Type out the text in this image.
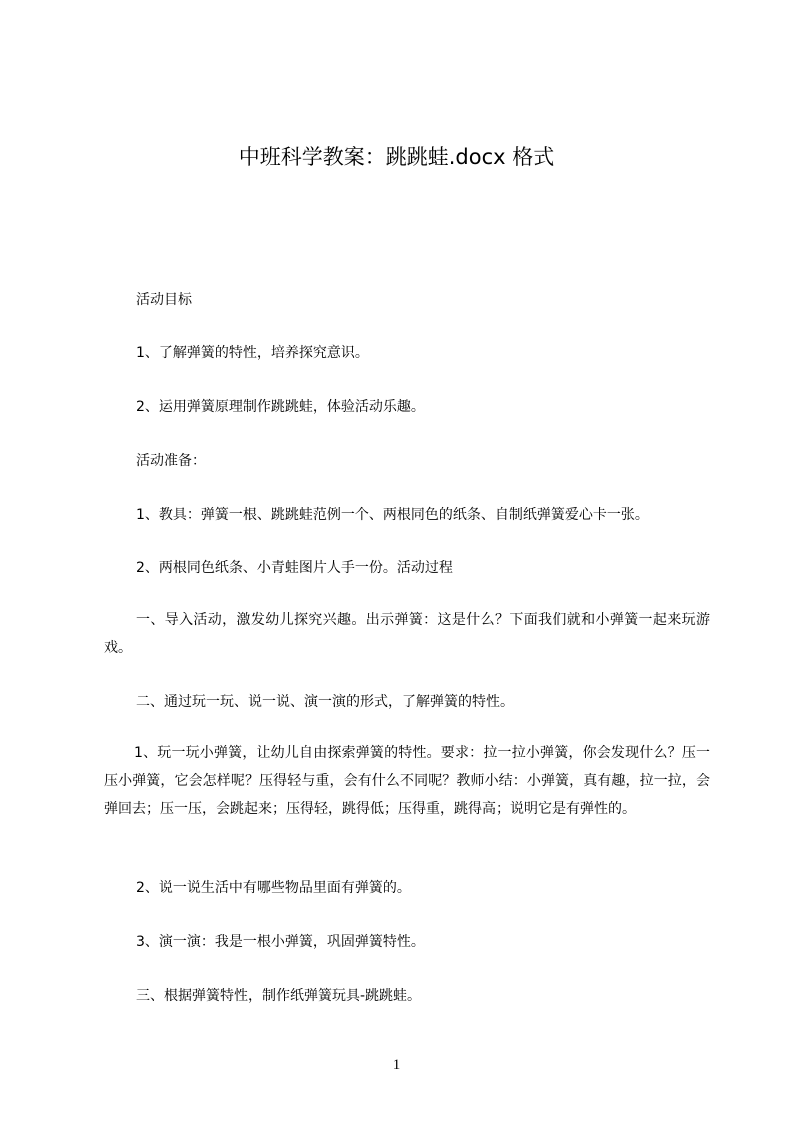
中班科学教案：跳跳蛙.docx 格式
活动目标
1、了解弹簧的特性，培养探究意识。
2、运用弹簧原理制作跳跳蛙，体验活动乐趣。
活动准备：
1、教具：弹簧一根、跳跳蛙范例一个、两根同色的纸条、自制纸弹簧爱心卡一张。
2、两根同色纸条、小青蛙图片人手一份。活动过程
一、导入活动，激发幼儿探究兴趣。出示弹簧：这是什么？下面我们就和小弹簧一起来玩游戏。
二、通过玩一玩、说一说、演一演的形式，了解弹簧的特性。
1、玩一玩小弹簧，让幼儿自由探索弹簧的特性。要求：拉一拉小弹簧，你会发现什么？压一压小弹簧，它会怎样呢？压得轻与重，会有什么不同呢？教师小结：小弹簧，真有趣，拉一拉，会弹回去；压一压，会跳起来；压得轻，跳得低；压得重，跳得高；说明它是有弹性的。
2、说一说生活中有哪些物品里面有弹簧的。
3、演一演：我是一根小弹簧，巩固弹簧特性。
三、根据弹簧特性，制作纸弹簧玩具-跳跳蛙。
1
